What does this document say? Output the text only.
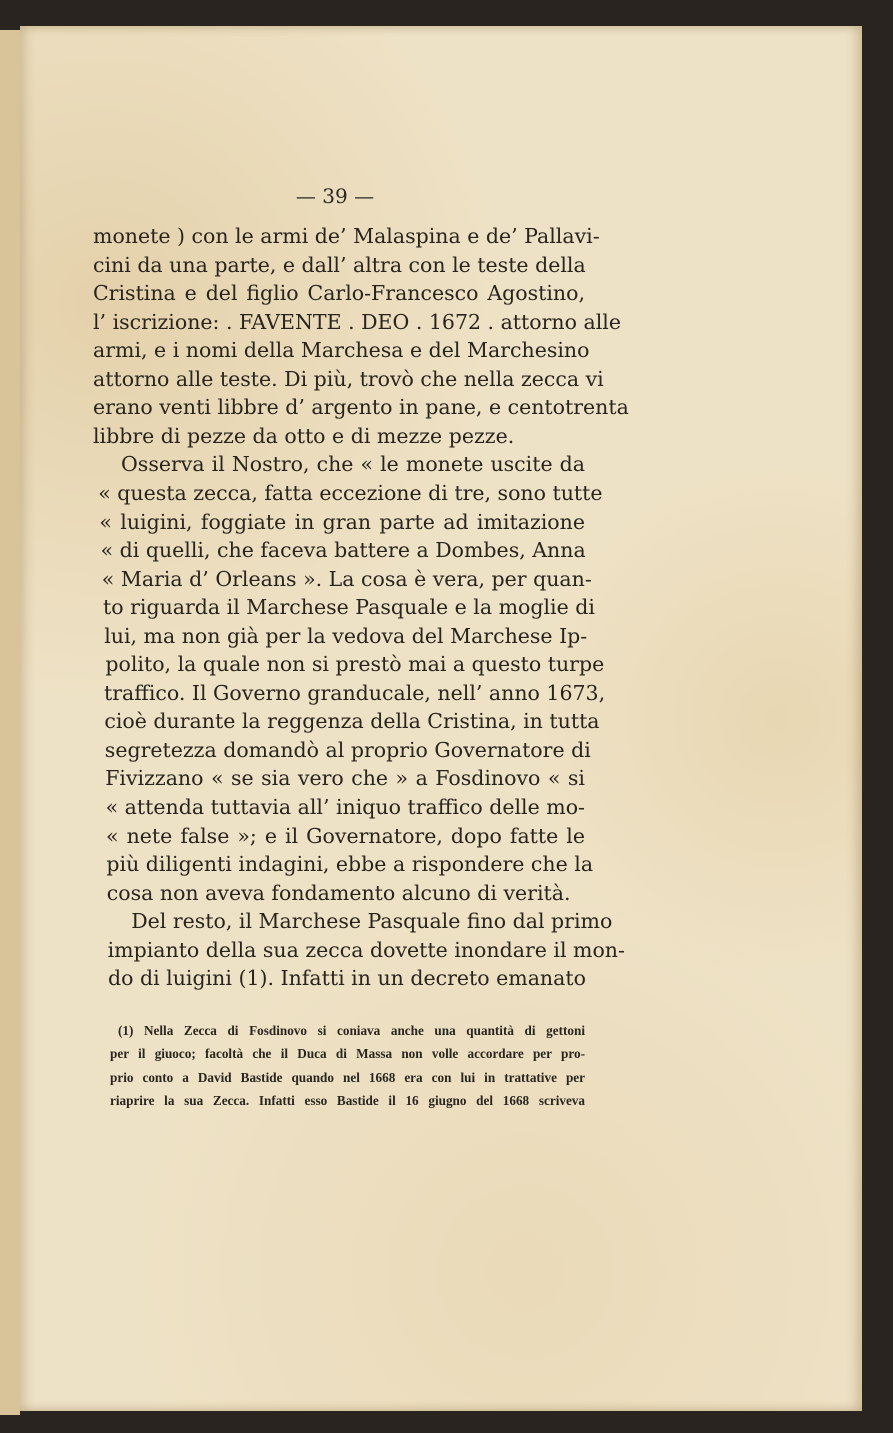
— 39 —
monete ) con le armi de’ Malaspina e de’ Pallavi-
cini da una parte, e dall’ altra con le teste della
Cristina e del figlio Carlo-Francesco Agostino,
l’ iscrizione: . FAVENTE . DEO . 1672 . attorno alle
armi, e i nomi della Marchesa e del Marchesino
attorno alle teste. Di più, trovò che nella zecca vi
erano venti libbre d’ argento in pane, e centotrenta
libbre di pezze da otto e di mezze pezze.
Osserva il Nostro, che « le monete uscite da
« questa zecca, fatta eccezione di tre, sono tutte
« luigini, foggiate in gran parte ad imitazione
« di quelli, che faceva battere a Dombes, Anna
« Maria d’ Orleans ». La cosa è vera, per quan-
to riguarda il Marchese Pasquale e la moglie di
lui, ma non già per la vedova del Marchese Ip-
polito, la quale non si prestò mai a questo turpe
traffico. Il Governo granducale, nell’ anno 1673,
cioè durante la reggenza della Cristina, in tutta
segretezza domandò al proprio Governatore di
Fivizzano « se sia vero che » a Fosdinovo « si
« attenda tuttavia all’ iniquo traffico delle mo-
« nete false »; e il Governatore, dopo fatte le
più diligenti indagini, ebbe a rispondere che la
cosa non aveva fondamento alcuno di verità.
Del resto, il Marchese Pasquale fino dal primo
impianto della sua zecca dovette inondare il mon-
do di luigini (1). Infatti in un decreto emanato
(1) Nella Zecca di Fosdinovo si coniava anche una quantità di gettoni
per il giuoco; facoltà che il Duca di Massa non volle accordare per pro-
prio conto a David Bastide quando nel 1668 era con lui in trattative per
riaprire la sua Zecca. Infatti esso Bastide il 16 giugno del 1668 scriveva
